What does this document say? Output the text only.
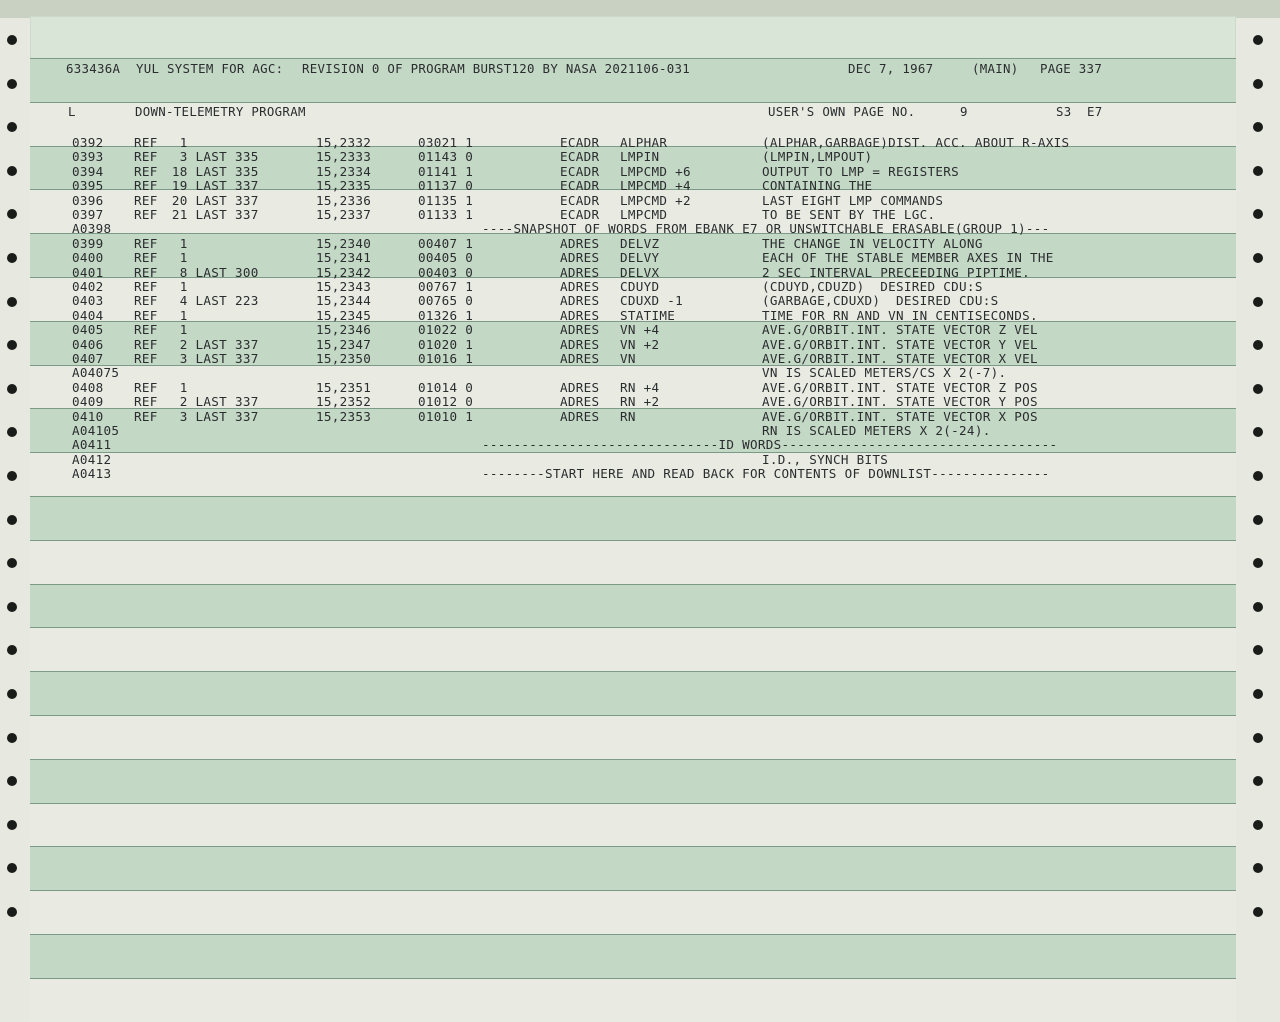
633436A YUL SYSTEM FOR AGC: REVISION 0 OF PROGRAM BURST120 BY NASA 2021106-031	DEC 7, 1967	(MAIN) PAGE 337
L	DOWN-TELEMETRY PROGRAM	USER'S OWN PAGE NO.	9	S3  E7
0392 REF 1	15,2332	03021 1	ECADR ALPHAR	(ALPHAR,GARBAGE)DIST. ACC. ABOUT R-AXIS
0393 REF 3 LAST 335	15,2333	01143 0	ECADR LMPIN	(LMPIN,LMPOUT)
0394 REF 18 LAST 335	15,2334	01141 1	ECADR LMPCMD +6	OUTPUT TO LMP = REGISTERS
0395 REF 19 LAST 337	15,2335	01137 0	ECADR LMPCMD +4	CONTAINING THE
0396 REF 20 LAST 337	15,2336	01135 1	ECADR LMPCMD +2	LAST EIGHT LMP COMMANDS
0397 REF 21 LAST 337	15,2337	01133 1	ECADR LMPCMD	TO BE SENT BY THE LGC.
A0398	----SNAPSHOT OF WORDS FROM EBANK E7 OR UNSWITCHABLE ERASABLE(GROUP 1)---
0399 REF 1	15,2340	00407 1	ADRES DELVZ	THE CHANGE IN VELOCITY ALONG
0400 REF 1	15,2341	00405 0	ADRES DELVY	EACH OF THE STABLE MEMBER AXES IN THE
0401 REF 8 LAST 300	15,2342	00403 0	ADRES DELVX	2 SEC INTERVAL PRECEEDING PIPTIME.
0402 REF 1	15,2343	00767 1	ADRES CDUYD	(CDUYD,CDUZD)  DESIRED CDU:S
0403 REF 4 LAST 223	15,2344	00765 0	ADRES CDUXD -1	(GARBAGE,CDUXD)  DESIRED CDU:S
0404 REF 1	15,2345	01326 1	ADRES STATIME	TIME FOR RN AND VN IN CENTISECONDS.
0405 REF 1	15,2346	01022 0	ADRES VN +4	AVE.G/ORBIT.INT. STATE VECTOR Z VEL
0406 REF 2 LAST 337	15,2347	01020 1	ADRES VN +2	AVE.G/ORBIT.INT. STATE VECTOR Y VEL
0407 REF 3 LAST 337	15,2350	01016 1	ADRES VN	AVE.G/ORBIT.INT. STATE VECTOR X VEL
A04075	VN IS SCALED METERS/CS X 2(-7).
0408 REF 1	15,2351	01014 0	ADRES RN +4	AVE.G/ORBIT.INT. STATE VECTOR Z POS
0409 REF 2 LAST 337	15,2352	01012 0	ADRES RN +2	AVE.G/ORBIT.INT. STATE VECTOR Y POS
0410 REF 3 LAST 337	15,2353	01010 1	ADRES RN	AVE.G/ORBIT.INT. STATE VECTOR X POS
A04105	RN IS SCALED METERS X 2(-24).
A0411	------------------------------ID WORDS-----------------------------------
A0412	I.D., SYNCH BITS
A0413	--------START HERE AND READ BACK FOR CONTENTS OF DOWNLIST---------------
